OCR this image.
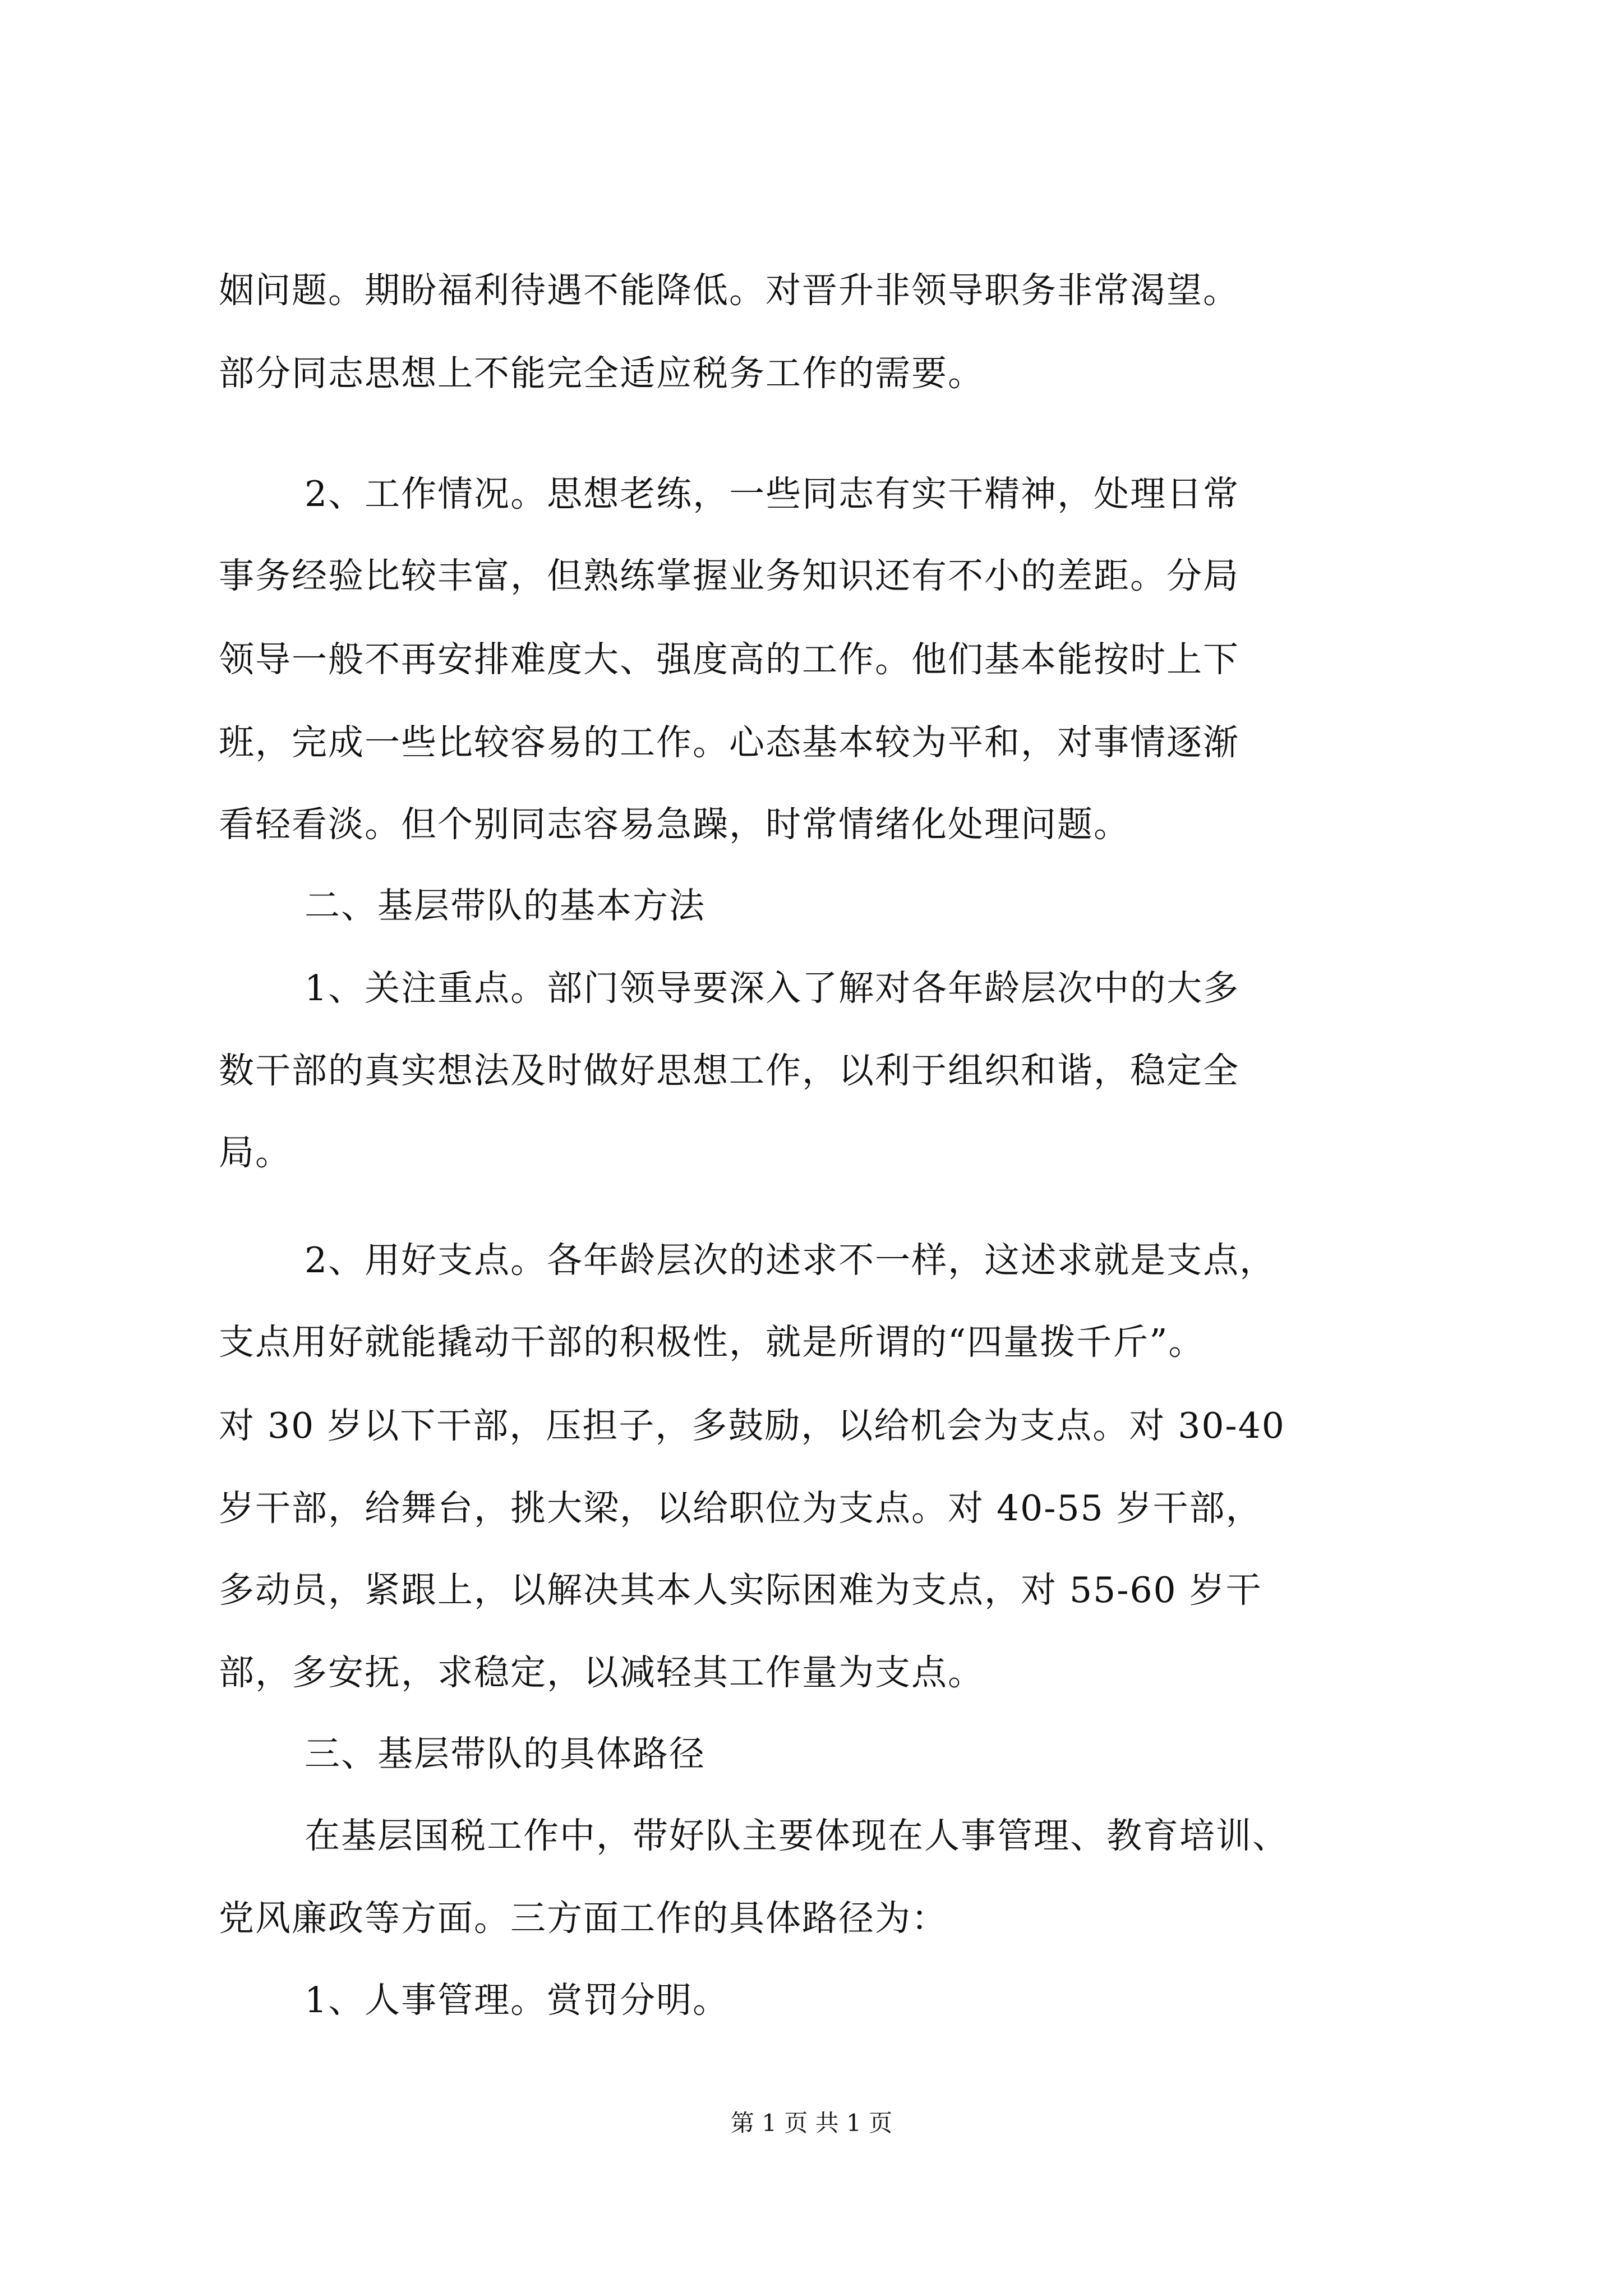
姻问题。期盼福利待遇不能降低。对晋升非领导职务非常渴望。
部分同志思想上不能完全适应税务工作的需要。
2、工作情况。思想老练，一些同志有实干精神，处理日常
事务经验比较丰富，但熟练掌握业务知识还有不小的差距。分局
领导一般不再安排难度大、强度高的工作。他们基本能按时上下
班，完成一些比较容易的工作。心态基本较为平和，对事情逐渐
看轻看淡。但个别同志容易急躁，时常情绪化处理问题。
二、基层带队的基本方法
1、关注重点。部门领导要深入了解对各年龄层次中的大多
数干部的真实想法及时做好思想工作，以利于组织和谐，稳定全
局。
2、用好支点。各年龄层次的述求不一样，这述求就是支点，
支点用好就能撬动干部的积极性，就是所谓的“四量拨千斤”。
对 30 岁以下干部，压担子，多鼓励，以给机会为支点。对 30-40
岁干部，给舞台，挑大梁，以给职位为支点。对 40-55 岁干部，
多动员，紧跟上，以解决其本人实际困难为支点，对 55-60 岁干
部，多安抚，求稳定，以减轻其工作量为支点。
三、基层带队的具体路径
在基层国税工作中，带好队主要体现在人事管理、教育培训、
党风廉政等方面。三方面工作的具体路径为：
1、人事管理。赏罚分明。
第 1 页 共 1 页
